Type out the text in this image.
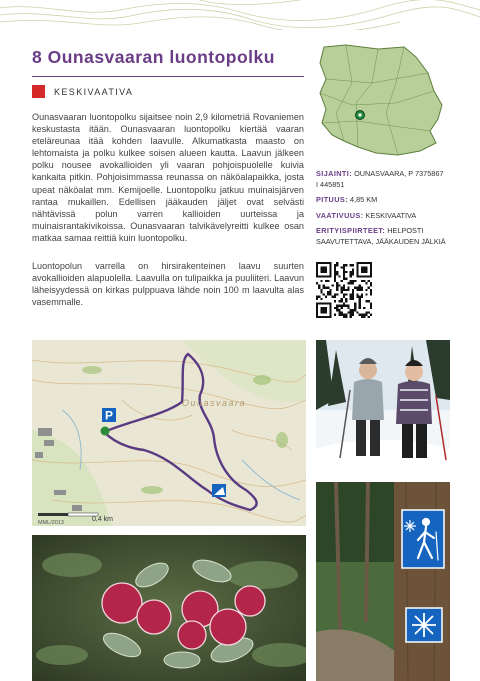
8 Ounasvaaran luontopolku
KESKIVAATIVA

Ounasvaaran luontopolku sijaitsee noin 2,9 kilometriä Rovaniemen keskustasta itään. Ounasvaaran luontopolku kiertää vaaran eteläreunaa itää kohden laavulle. Alkumatkasta maasto on lehtomaista ja polku kulkee soisen alueen kautta. Laavun jälkeen polku nousee avokallioiden yli vaaran pohjoispuolelle kuivia kankaita pitkin. Pohjoisimmassa reunassa on näköalapaikka, josta upeat näköalat mm. Kemijoelle. Luontopolku jatkuu muinaisjärven rantaa mukaillen. Edellisen jääkauden jäljet ovat selvästi nähtävissä polun varren kallioiden uurteissa ja muinaisrantakivikoissa. Ounasvaaran talvikävelyreitti kulkee osan matkaa samaa reittiä kuin luontopolku.

Luontopolun varrella on hirsirakenteinen laavu suurten avokallioiden alapuolella. Laavulla on tulipaikka ja puuliiteri. Laavun läheisyydessä on kirkas pulppuava lähde noin 100 m laavulta alas vasemmalle.

SIJAINTI: OUNASVAARA, P 7375867 I 445851
PITUUS: 4,85 KM
VAATIVUUS: KESKIVAATIVA
ERITYISPIIRTEET: HELPOSTI SAAVUTETTAVA, JÄÄKAUDEN JÄLKIÄ
P
Ounasvaara
0,4 km
MML/2013
